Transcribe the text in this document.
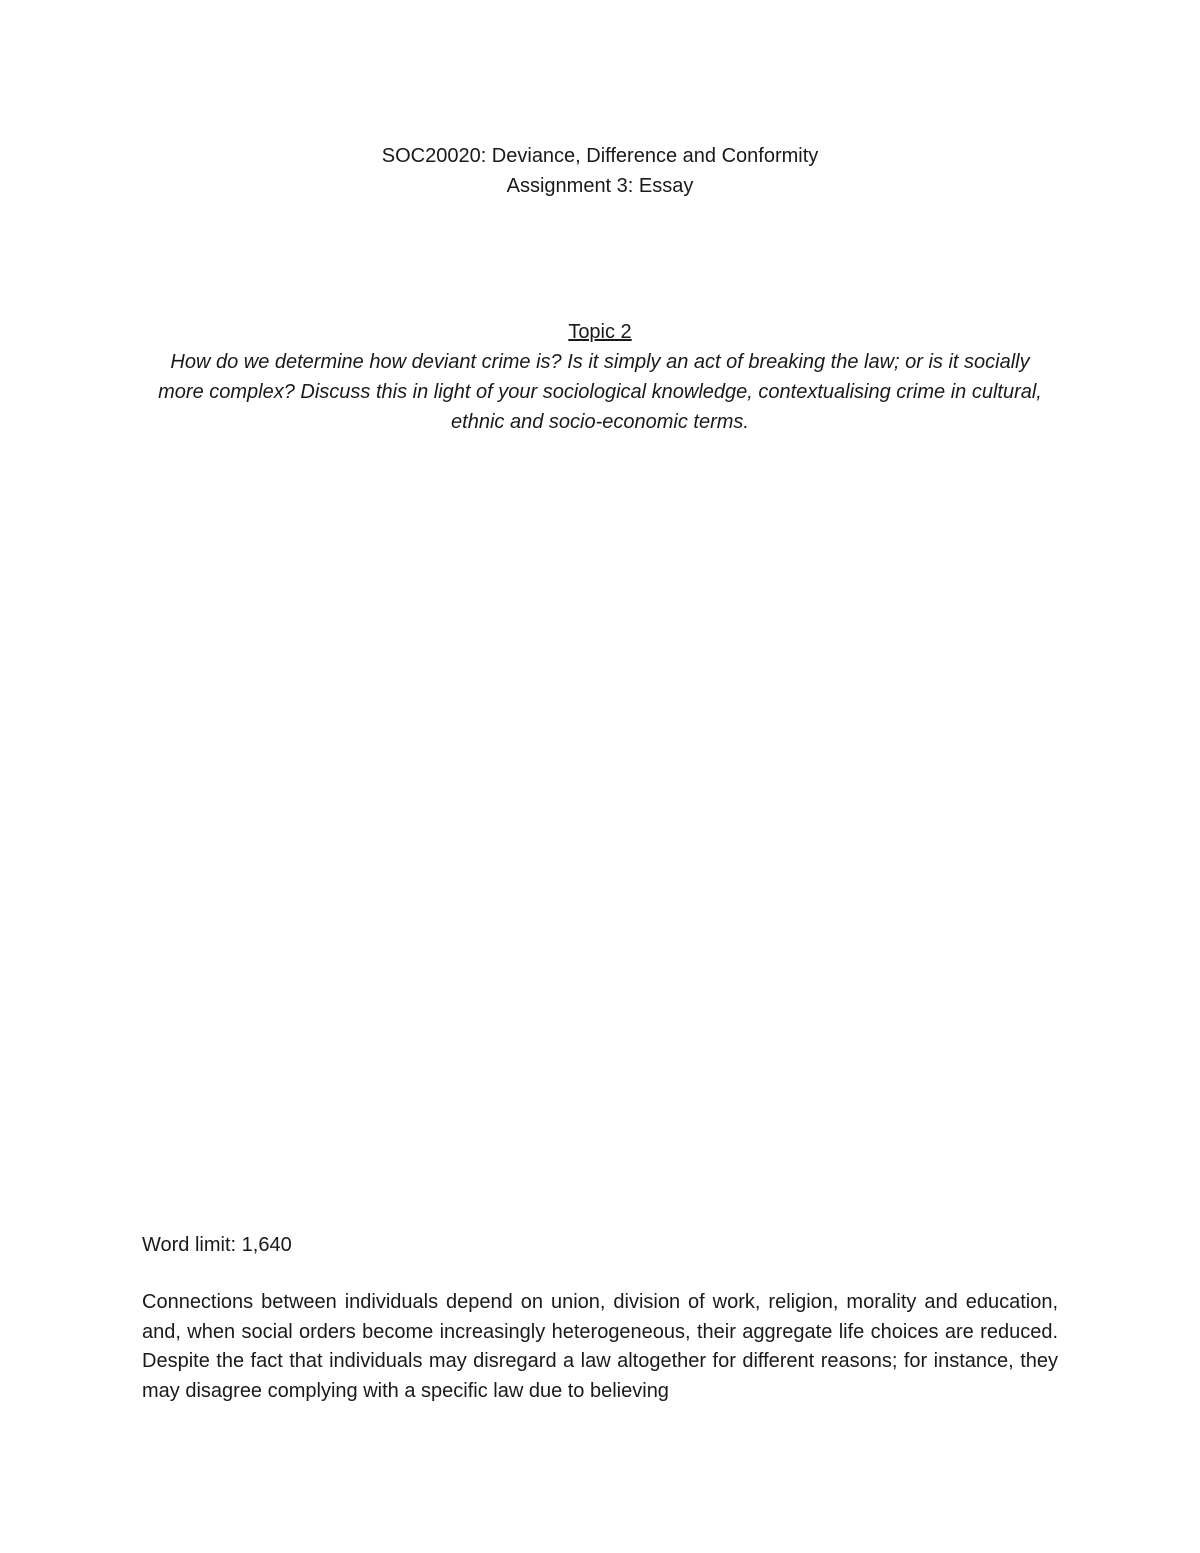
SOC20020: Deviance, Difference and Conformity
Assignment 3: Essay
Topic 2
How do we determine how deviant crime is? Is it simply an act of breaking the law; or is it socially more complex? Discuss this in light of your sociological knowledge, contextualising crime in cultural, ethnic and socio-economic terms.
Word limit: 1,640

Connections between individuals depend on union, division of work, religion, morality and education, and, when social orders become increasingly heterogeneous, their aggregate life choices are reduced. Despite the fact that individuals may disregard a law altogether for different reasons; for instance, they may disagree complying with a specific law due to believing
